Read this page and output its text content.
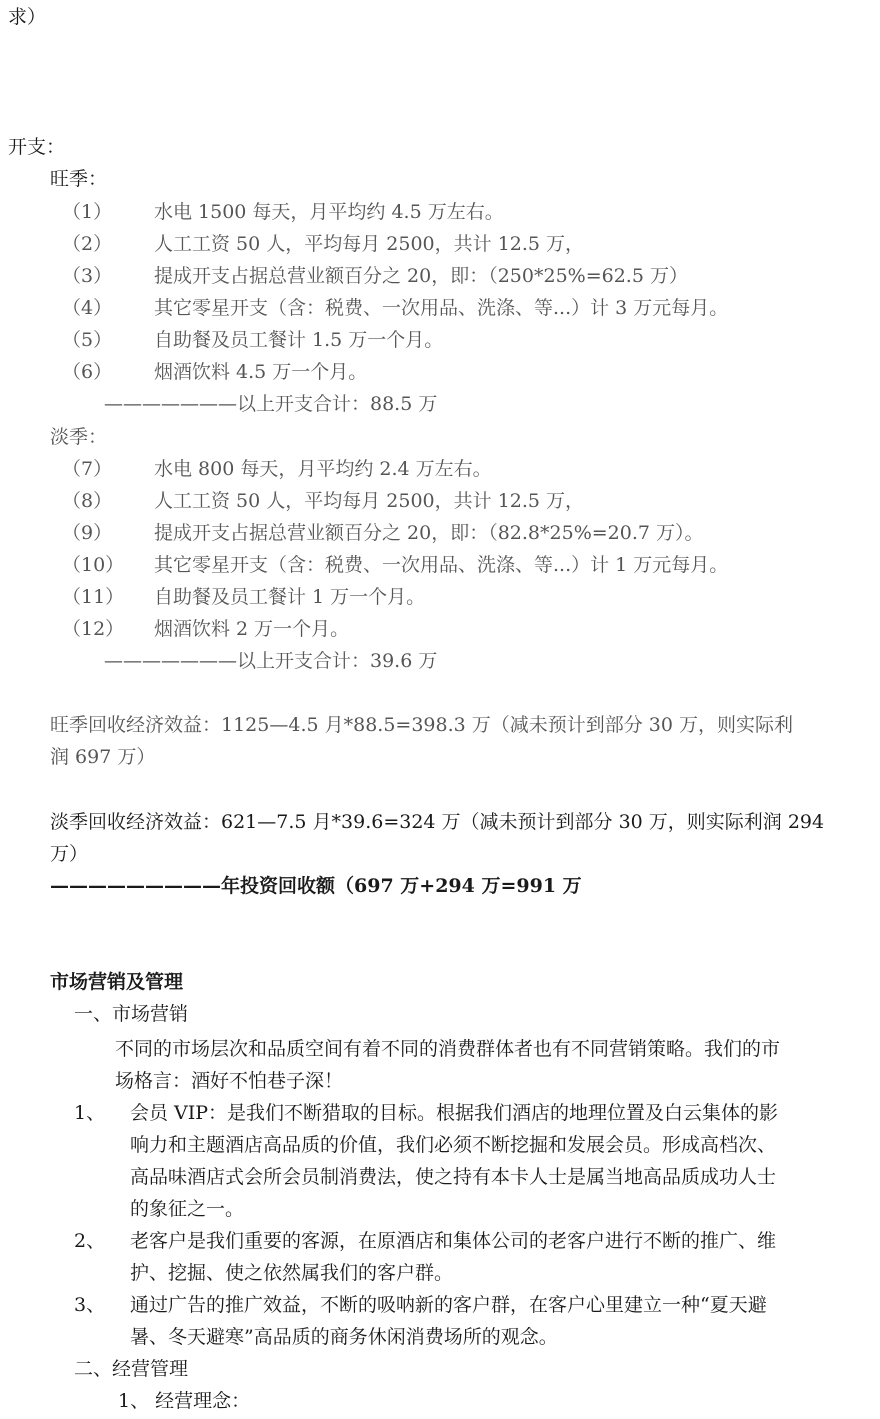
求）
开支：
旺季：
（1） 水电 1500 每天，月平均约 4.5 万左右。
（2） 人工工资 50 人，平均每月 2500，共计 12.5 万，
（3） 提成开支占据总营业额百分之 20，即：（250*25%=62.5 万）
（4） 其它零星开支（含：税费、一次用品、洗涤、等...）计 3 万元每月。
（5） 自助餐及员工餐计 1.5 万一个月。
（6） 烟酒饮料 4.5 万一个月。
———————以上开支合计：88.5 万
淡季：
（7） 水电 800 每天，月平均约 2.4 万左右。
（8） 人工工资 50 人，平均每月 2500，共计 12.5 万，
（9） 提成开支占据总营业额百分之 20，即：（82.8*25%=20.7 万）。
（10） 其它零星开支（含：税费、一次用品、洗涤、等...）计 1 万元每月。
（11） 自助餐及员工餐计 1 万一个月。
（12） 烟酒饮料 2 万一个月。
———————以上开支合计：39.6 万
旺季回收经济效益：1125—4.5 月*88.5=398.3 万（减未预计到部分 30 万，则实际利
润 697 万）
淡季回收经济效益：621—7.5 月*39.6=324 万（减未预计到部分 30 万，则实际利润 294
万）
—————————年投资回收额（697 万+294 万=991 万
市场营销及管理
一、市场营销
不同的市场层次和品质空间有着不同的消费群体者也有不同营销策略。我们的市
场格言：酒好不怕巷子深！
1、 会员 VIP：是我们不断猎取的目标。根据我们酒店的地理位置及白云集体的影
响力和主题酒店高品质的价值，我们必须不断挖掘和发展会员。形成高档次、
高品味酒店式会所会员制消费法，使之持有本卡人士是属当地高品质成功人士
的象征之一。
2、 老客户是我们重要的客源，在原酒店和集体公司的老客户进行不断的推广、维
护、挖掘、使之依然属我们的客户群。
3、 通过广告的推广效益，不断的吸呐新的客户群，在客户心里建立一种“夏天避
暑、冬天避寒”高品质的商务休闲消费场所的观念。
二、经营管理
1、 经营理念：
